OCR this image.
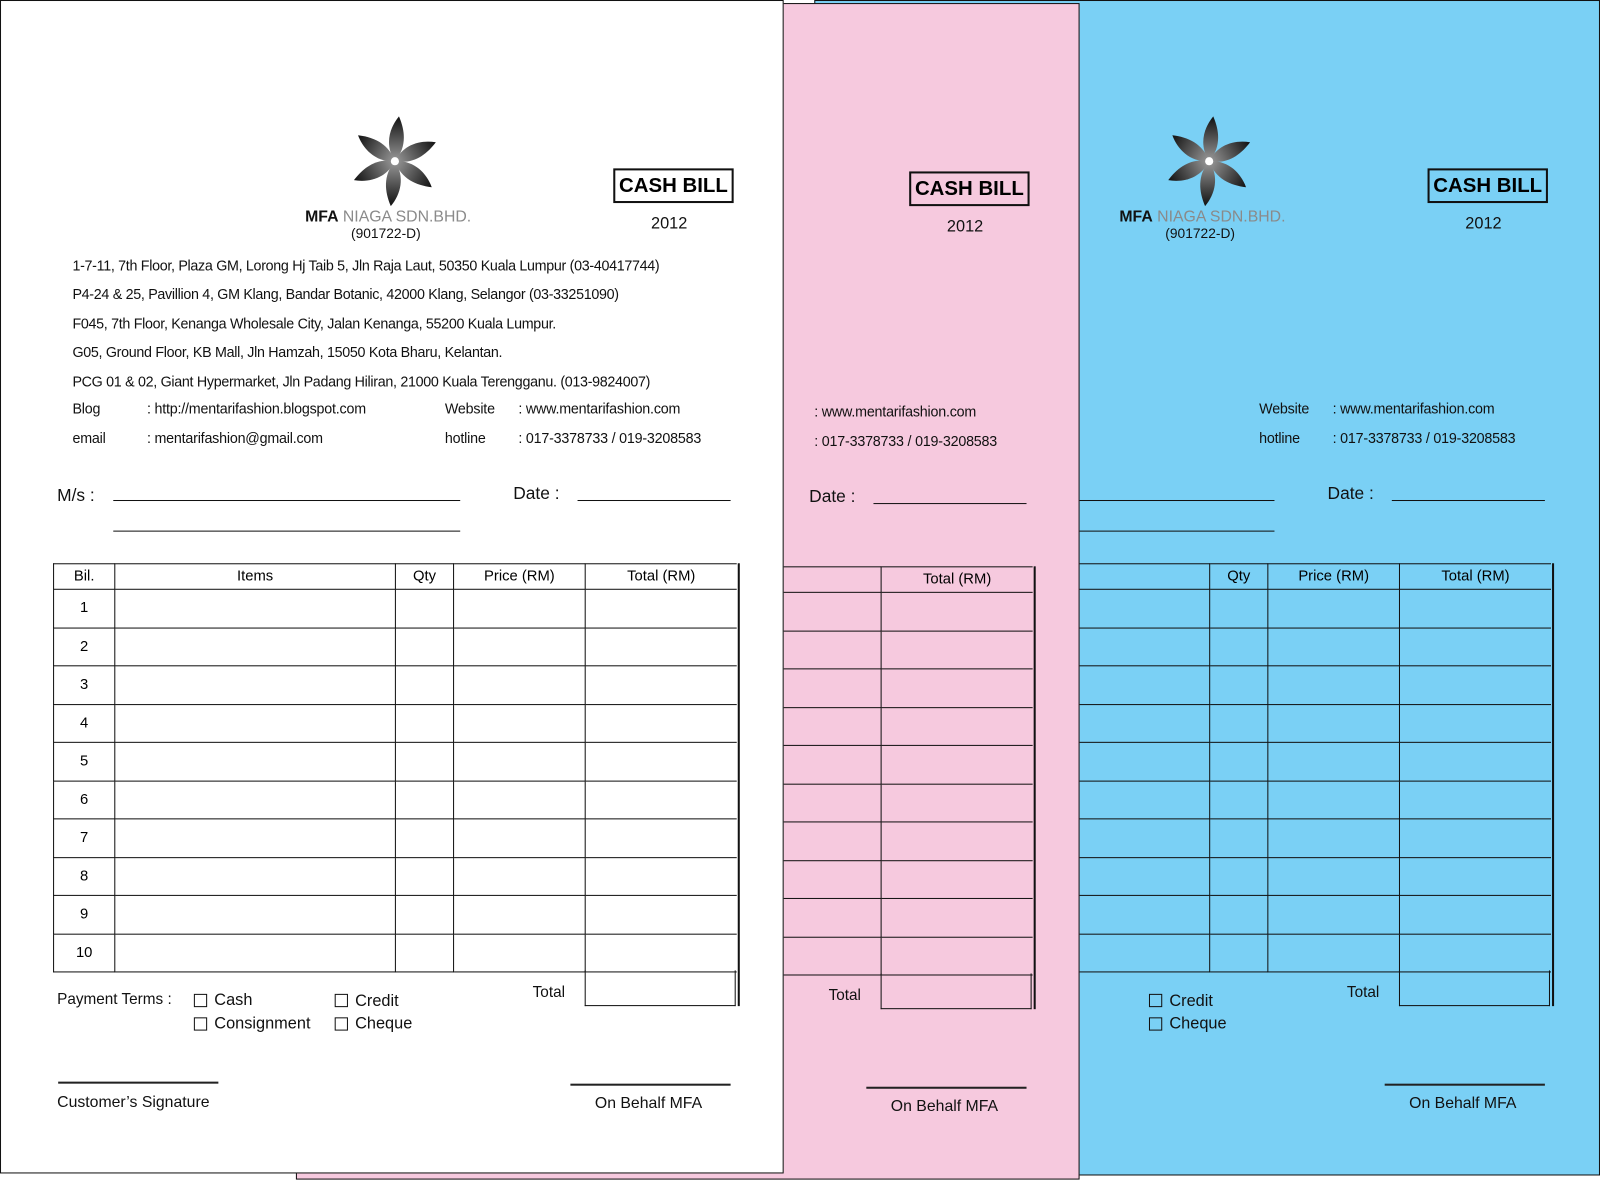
CASH BILL
2012
: www.mentarifashion.com
: 017-3378733 / 019-3208583
Date :
				Total (RM)

Total
On Behalf MFA
MFA NIAGA SDN.BHD.
(901722-D)
CASH BILL
2012
Website : www.mentarifashion.com
hotline : 017-3378733 / 019-3208583
Date :
		Qty	Price (RM)	Total (RM)

Total
Credit
Cheque
On Behalf MFA
MFA NIAGA SDN.BHD.
(901722-D)
CASH BILL
2012
1-7-11, 7th Floor, Plaza GM, Lorong Hj Taib 5, Jln Raja Laut, 50350 Kuala Lumpur (03-40417744)
P4-24 & 25, Pavillion 4, GM Klang, Bandar Botanic, 42000 Klang, Selangor (03-33251090)
F045, 7th Floor, Kenanga Wholesale City, Jalan Kenanga, 55200 Kuala Lumpur.
G05, Ground Floor, KB Mall, Jln Hamzah, 15050 Kota Bharu, Kelantan.
PCG 01 & 02, Giant Hypermarket, Jln Padang Hiliran, 21000 Kuala Terengganu. (013-9824007)
Blog	: http://mentarifashion.blogspot.com	Website : www.mentarifashion.com
email	: mentarifashion@gmail.com	hotline : 017-3378733 / 019-3208583
M/s :	Date :
Bil.	Items	Qty	Price (RM)	Total (RM)
1				
2				
3				
4				
5				
6				
7				
8				
9				
10				
Total
Payment Terms :	Cash	Credit
Consignment	Cheque
Customer’s Signature	On Behalf MFA
